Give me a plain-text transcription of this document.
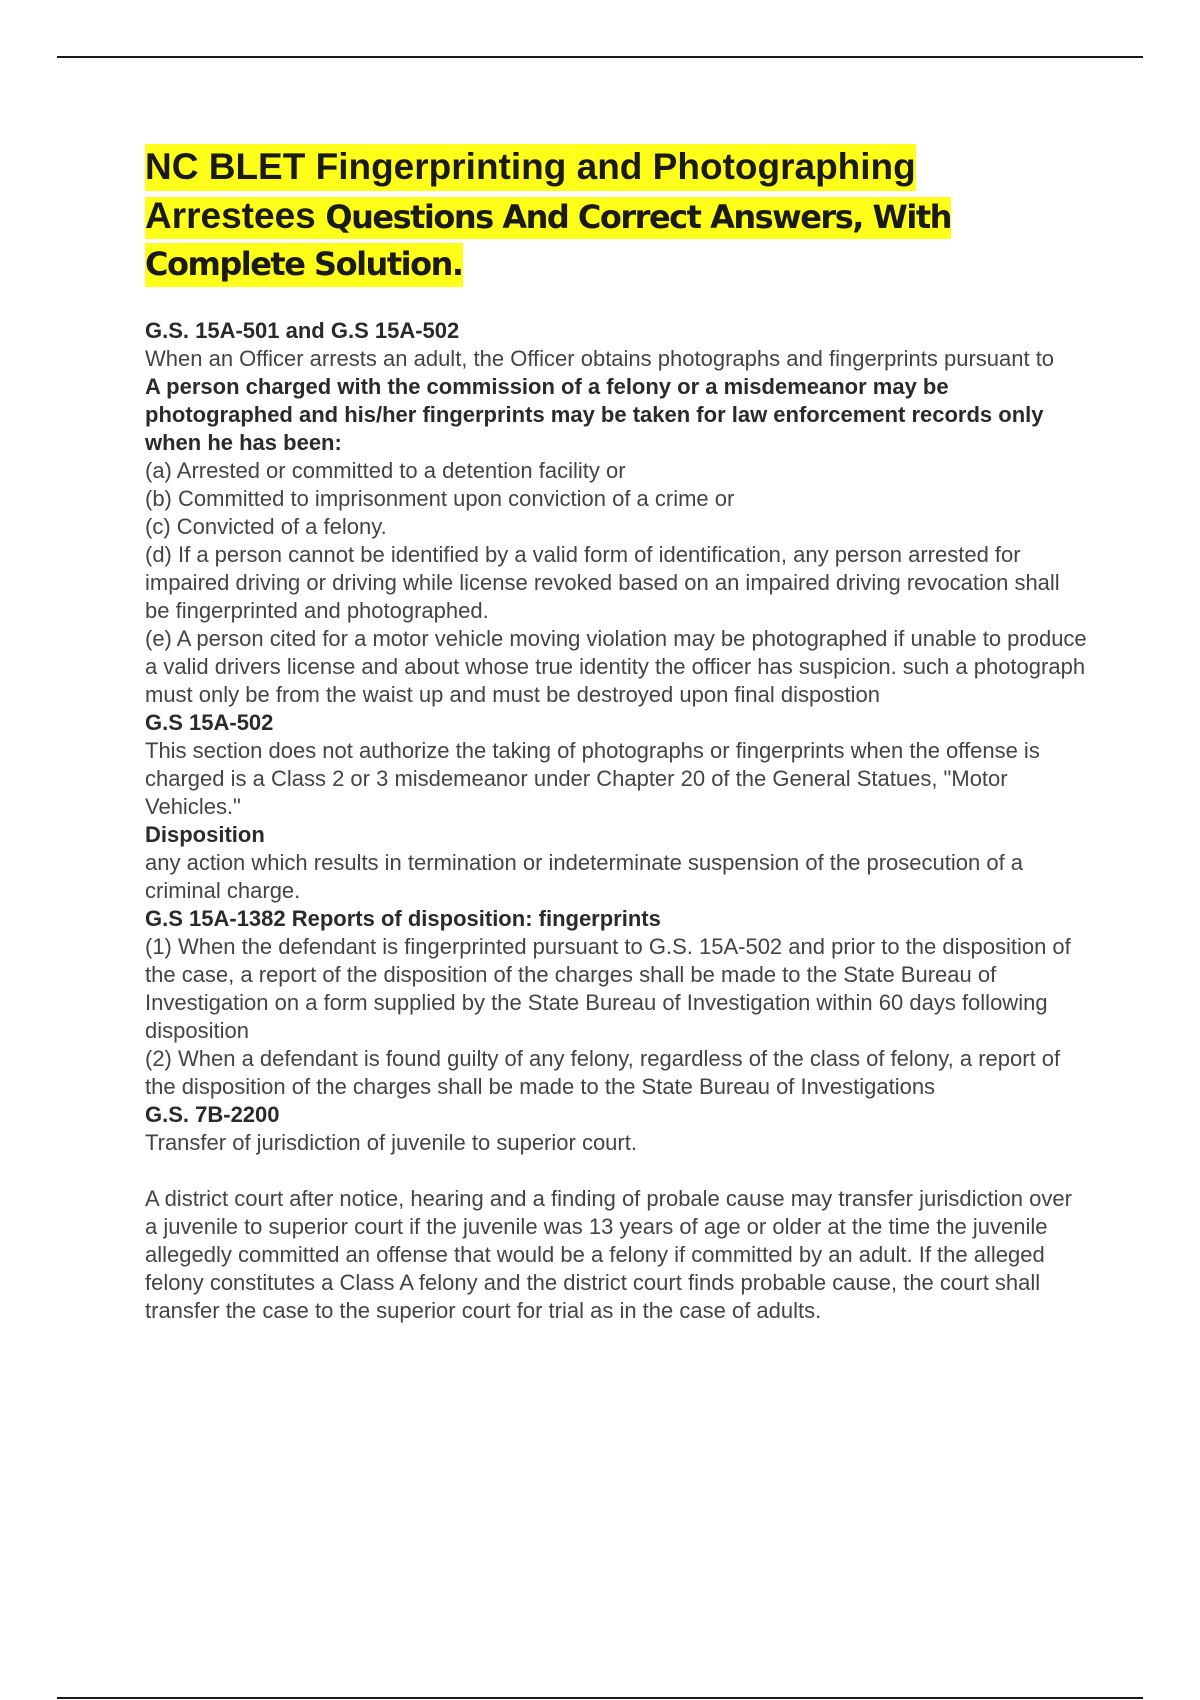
NC BLET Fingerprinting and Photographing
Arrestees Questions And Correct Answers, With
Complete Solution.

G.S. 15A-501 and G.S 15A-502

When an Officer arrests an adult, the Officer obtains photographs and fingerprints pursuant to

A person charged with the commission of a felony or a misdemeanor may be photographed and his/her fingerprints may be taken for law enforcement records only when he has been:

(a) Arrested or committed to a detention facility or

(b) Committed to imprisonment upon conviction of a crime or

(c) Convicted of a felony.

(d) If a person cannot be identified by a valid form of identification, any person arrested for impaired driving or driving while license revoked based on an impaired driving revocation shall be fingerprinted and photographed.

(e) A person cited for a motor vehicle moving violation may be photographed if unable to produce a valid drivers license and about whose true identity the officer has suspicion. such a photograph must only be from the waist up and must be destroyed upon final dispostion

G.S 15A-502

This section does not authorize the taking of photographs or fingerprints when the offense is charged is a Class 2 or 3 misdemeanor under Chapter 20 of the General Statues, "Motor Vehicles."

Disposition

any action which results in termination or indeterminate suspension of the prosecution of a criminal charge.

G.S 15A-1382 Reports of disposition: fingerprints

(1) When the defendant is fingerprinted pursuant to G.S. 15A-502 and prior to the disposition of the case, a report of the disposition of the charges shall be made to the State Bureau of Investigation on a form supplied by the State Bureau of Investigation within 60 days following disposition

(2) When a defendant is found guilty of any felony, regardless of the class of felony, a report of the disposition of the charges shall be made to the State Bureau of Investigations

G.S. 7B-2200

Transfer of jurisdiction of juvenile to superior court.

A district court after notice, hearing and a finding of probale cause may transfer jurisdiction over a juvenile to superior court if the juvenile was 13 years of age or older at the time the juvenile allegedly committed an offense that would be a felony if committed by an adult. If the alleged felony constitutes a Class A felony and the district court finds probable cause, the court shall transfer the case to the superior court for trial as in the case of adults.
